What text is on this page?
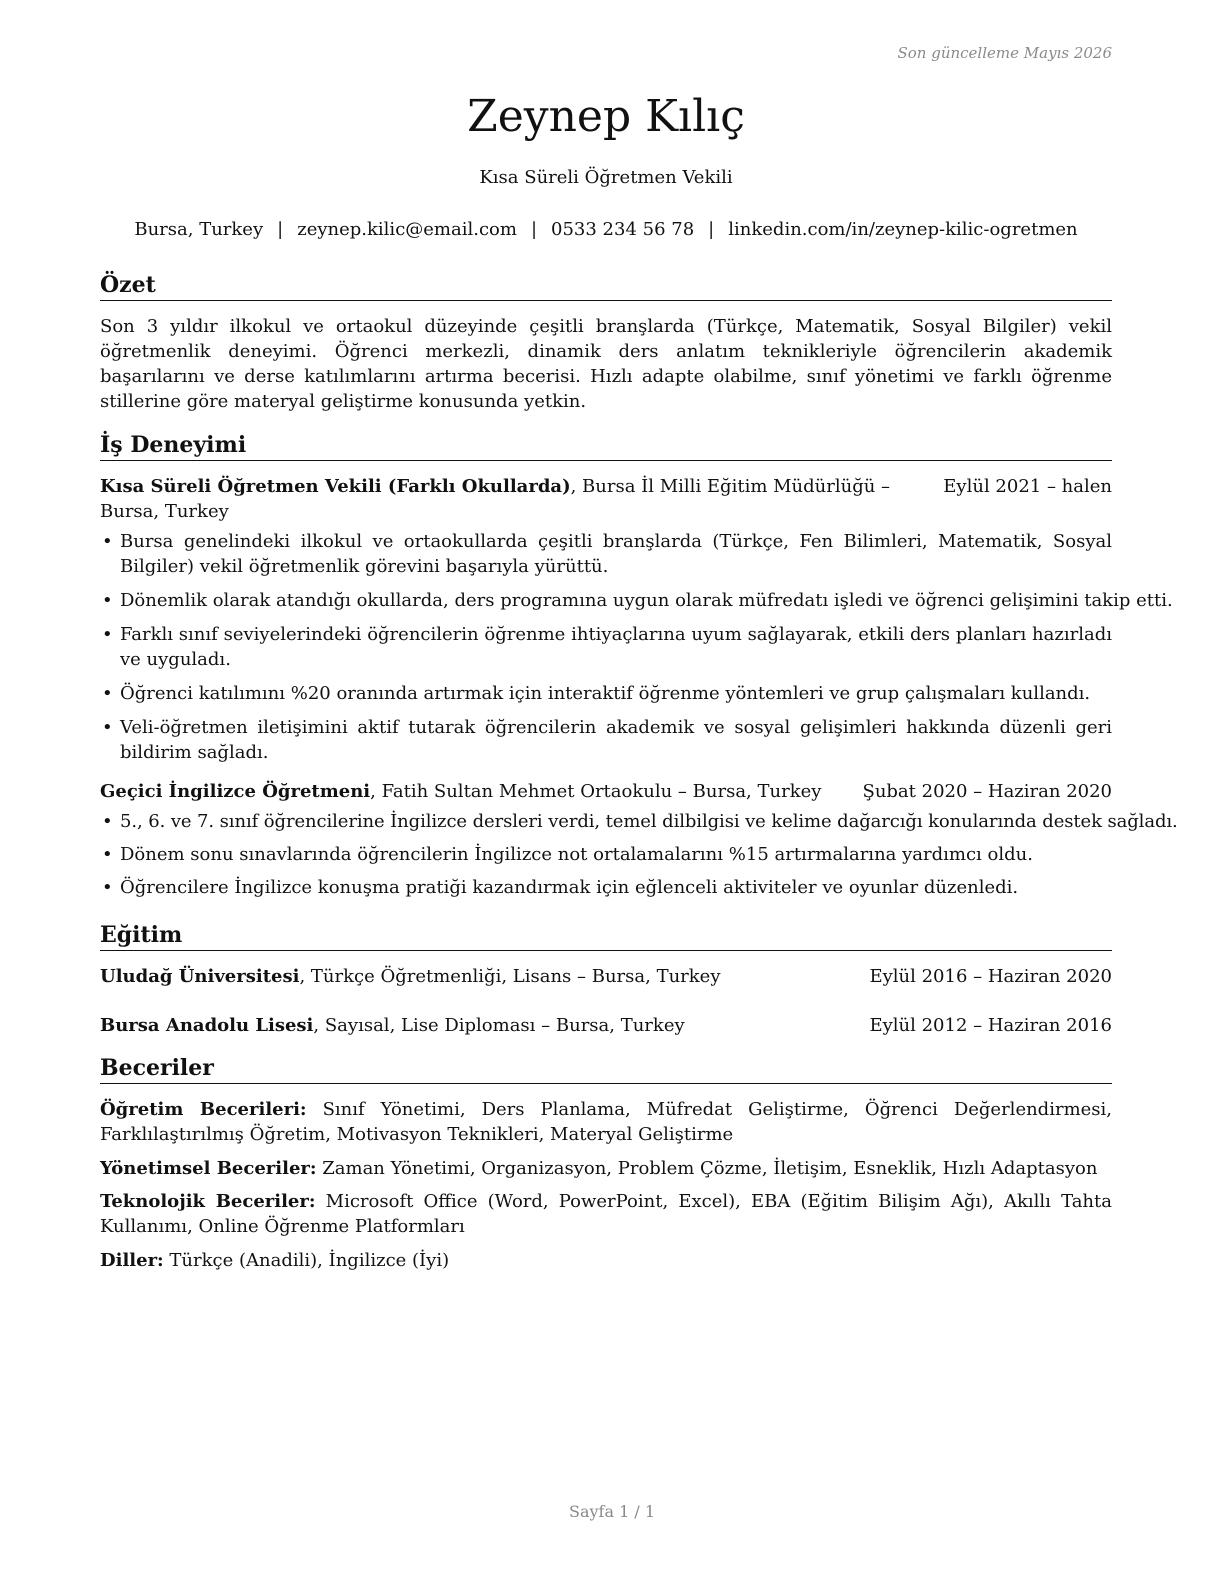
Son güncelleme Mayıs 2026
Zeynep Kılıç
Kısa Süreli Öğretmen Vekili
Bursa, Turkey | zeynep.kilic@email.com | 0533 234 56 78 | linkedin.com/in/zeynep-kilic-ogretmen
Özet
Son 3 yıldır ilkokul ve ortaokul düzeyinde çeşitli branşlarda (Türkçe, Matematik, Sosyal Bilgiler) vekil öğretmenlik deneyimi. Öğrenci merkezli, dinamik ders anlatım teknikleriyle öğrencilerin akademik başarılarını ve derse katılımlarını artırma becerisi. Hızlı adapte olabilme, sınıf yönetimi ve farklı öğrenme stillerine göre materyal geliştirme konusunda yetkin.
İş Deneyimi
Kısa Süreli Öğretmen Vekili (Farklı Okullarda), Bursa İl Milli Eğitim Müdürlüğü – Bursa, Turkey
Eylül 2021 – halen
• Bursa genelindeki ilkokul ve ortaokullarda çeşitli branşlarda (Türkçe, Fen Bilimleri, Matematik, Sosyal Bilgiler) vekil öğretmenlik görevini başarıyla yürüttü.
• Dönemlik olarak atandığı okullarda, ders programına uygun olarak müfredatı işledi ve öğrenci gelişimini takip etti.
• Farklı sınıf seviyelerindeki öğrencilerin öğrenme ihtiyaçlarına uyum sağlayarak, etkili ders planları hazırladı ve uyguladı.
• Öğrenci katılımını %20 oranında artırmak için interaktif öğrenme yöntemleri ve grup çalışmaları kullandı.
• Veli-öğretmen iletişimini aktif tutarak öğrencilerin akademik ve sosyal gelişimleri hakkında düzenli geri bildirim sağladı.
Geçici İngilizce Öğretmeni, Fatih Sultan Mehmet Ortaokulu – Bursa, Turkey Şubat 2020 – Haziran 2020
• 5., 6. ve 7. sınıf öğrencilerine İngilizce dersleri verdi, temel dilbilgisi ve kelime dağarcığı konularında destek sağladı.
• Dönem sonu sınavlarında öğrencilerin İngilizce not ortalamalarını %15 artırmalarına yardımcı oldu.
• Öğrencilere İngilizce konuşma pratiği kazandırmak için eğlenceli aktiviteler ve oyunlar düzenledi.
Eğitim
Uludağ Üniversitesi, Türkçe Öğretmenliği, Lisans – Bursa, Turkey	Eylül 2016 – Haziran 2020
Bursa Anadolu Lisesi, Sayısal, Lise Diploması – Bursa, Turkey	Eylül 2012 – Haziran 2016
Beceriler
Öğretim Becerileri: Sınıf Yönetimi, Ders Planlama, Müfredat Geliştirme, Öğrenci Değerlendirmesi, Farklılaştırılmış Öğretim, Motivasyon Teknikleri, Materyal Geliştirme
Yönetimsel Beceriler: Zaman Yönetimi, Organizasyon, Problem Çözme, İletişim, Esneklik, Hızlı Adaptasyon
Teknolojik Beceriler: Microsoft Office (Word, PowerPoint, Excel), EBA (Eğitim Bilişim Ağı), Akıllı Tahta Kullanımı, Online Öğrenme Platformları
Diller: Türkçe (Anadili), İngilizce (İyi)
Sayfa 1 / 1
